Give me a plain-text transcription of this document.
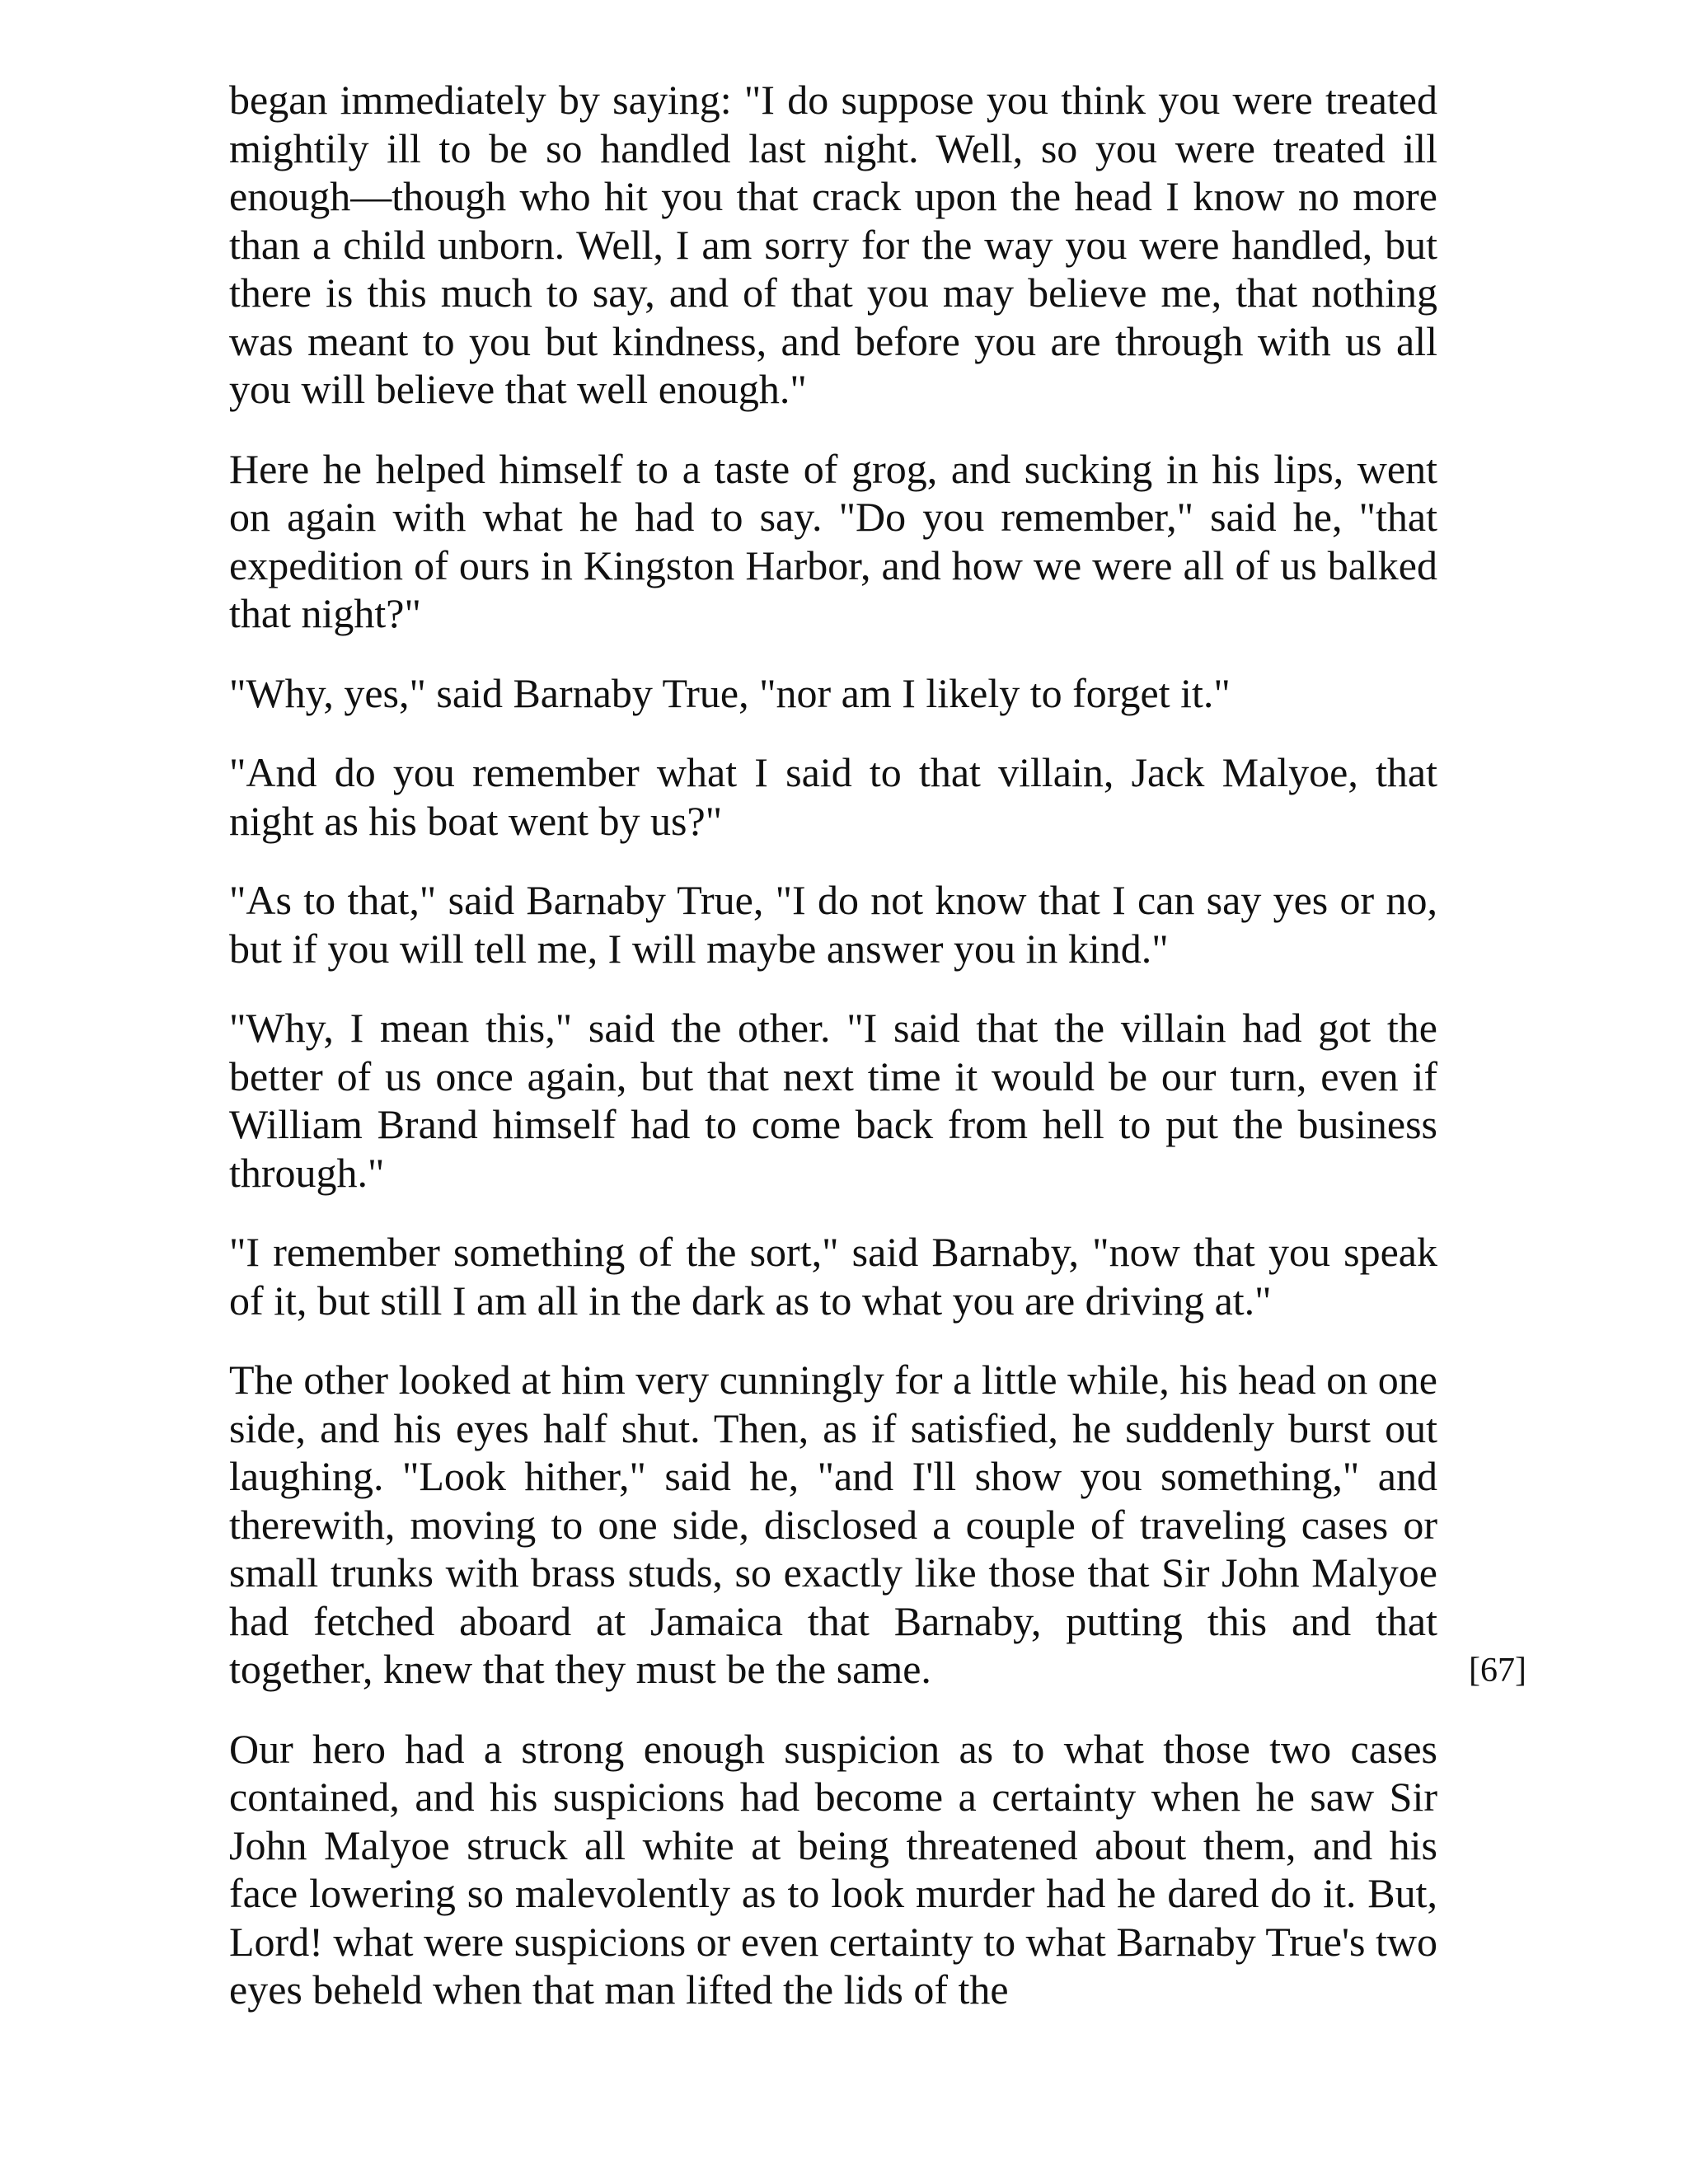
began immediately by saying: "I do suppose you think you were treated mightily ill to be so handled last night. Well, so you were treated ill enough—though who hit you that crack upon the head I know no more than a child unborn. Well, I am sorry for the way you were handled, but there is this much to say, and of that you may believe me, that nothing was meant to you but kindness, and before you are through with us all you will believe that well enough."

Here he helped himself to a taste of grog, and sucking in his lips, went on again with what he had to say. "Do you remember," said he, "that expedition of ours in Kingston Harbor, and how we were all of us balked that night?"

"Why, yes," said Barnaby True, "nor am I likely to forget it."

"And do you remember what I said to that villain, Jack Malyoe, that night as his boat went by us?"

"As to that," said Barnaby True, "I do not know that I can say yes or no, but if you will tell me, I will maybe answer you in kind."

"Why, I mean this," said the other. "I said that the villain had got the better of us once again, but that next time it would be our turn, even if William Brand himself had to come back from hell to put the business through."

"I remember something of the sort," said Barnaby, "now that you speak of it, but still I am all in the dark as to what you are driving at."

The other looked at him very cunningly for a little while, his head on one side, and his eyes half shut. Then, as if satisfied, he suddenly burst out laughing. "Look hither," said he, "and I'll show you something," and therewith, moving to one side, disclosed a couple of traveling cases or small trunks with brass studs, so exactly like those that Sir John Malyoe had fetched aboard at Jamaica that Barnaby, putting this and that together, knew that they must be the same.

Our hero had a strong enough suspicion as to what those two cases contained, and his suspicions had become a certainty when he saw Sir John Malyoe struck all white at being threatened about them, and his face lowering so malevolently as to look murder had he dared do it. But, Lord! what were suspicions or even certainty to what Barnaby True's two eyes beheld when that man lifted the lids of the

[67]
